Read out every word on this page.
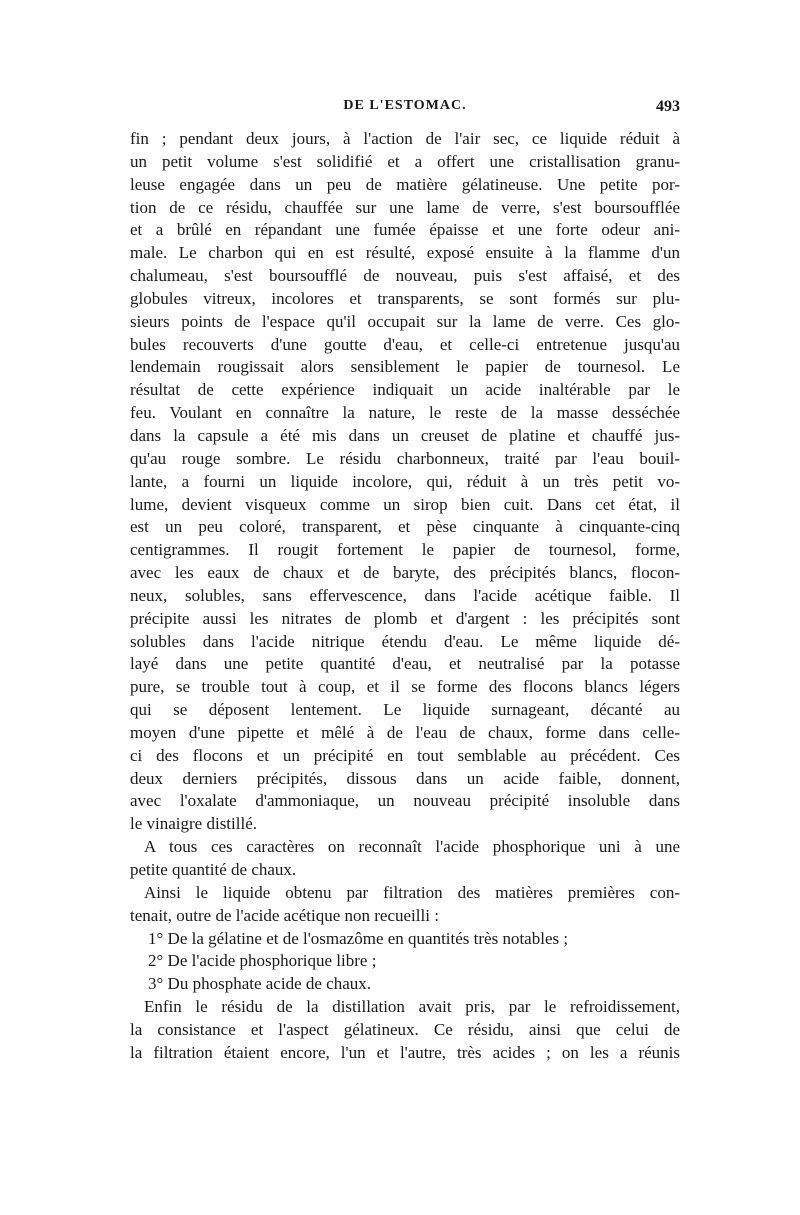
DE L'ESTOMAC.	493
fin ; pendant deux jours, à l'action de l'air sec, ce liquide réduit à
un petit volume s'est solidifié et a offert une cristallisation granu-
leuse engagée dans un peu de matière gélatineuse. Une petite por-
tion de ce résidu, chauffée sur une lame de verre, s'est boursoufflée
et a brûlé en répandant une fumée épaisse et une forte odeur ani-
male. Le charbon qui en est résulté, exposé ensuite à la flamme d'un
chalumeau, s'est boursoufflé de nouveau, puis s'est affaisé, et des
globules vitreux, incolores et transparents, se sont formés sur plu-
sieurs points de l'espace qu'il occupait sur la lame de verre. Ces glo-
bules recouverts d'une goutte d'eau, et celle-ci entretenue jusqu'au
lendemain rougissait alors sensiblement le papier de tournesol. Le
résultat de cette expérience indiquait un acide inaltérable par le
feu. Voulant en connaître la nature, le reste de la masse desséchée
dans la capsule a été mis dans un creuset de platine et chauffé jus-
qu'au rouge sombre. Le résidu charbonneux, traité par l'eau bouil-
lante, a fourni un liquide incolore, qui, réduit à un très petit vo-
lume, devient visqueux comme un sirop bien cuit. Dans cet état, il
est un peu coloré, transparent, et pèse cinquante à cinquante-cinq
centigrammes. Il rougit fortement le papier de tournesol, forme,
avec les eaux de chaux et de baryte, des précipités blancs, flocon-
neux, solubles, sans effervescence, dans l'acide acétique faible. Il
précipite aussi les nitrates de plomb et d'argent : les précipités sont
solubles dans l'acide nitrique étendu d'eau. Le même liquide dé-
layé dans une petite quantité d'eau, et neutralisé par la potasse
pure, se trouble tout à coup, et il se forme des flocons blancs légers
qui se déposent lentement. Le liquide surnageant, décanté au
moyen d'une pipette et mêlé à de l'eau de chaux, forme dans celle-
ci des flocons et un précipité en tout semblable au précédent. Ces
deux derniers précipités, dissous dans un acide faible, donnent,
avec l'oxalate d'ammoniaque, un nouveau précipité insoluble dans
le vinaigre distillé.
A tous ces caractères on reconnaît l'acide phosphorique uni à une
petite quantité de chaux.
Ainsi le liquide obtenu par filtration des matières premières con-
tenait, outre de l'acide acétique non recueilli :
1° De la gélatine et de l'osmazôme en quantités très notables ;
2° De l'acide phosphorique libre ;
3° Du phosphate acide de chaux.
Enfin le résidu de la distillation avait pris, par le refroidissement,
la consistance et l'aspect gélatineux. Ce résidu, ainsi que celui de
la filtration étaient encore, l'un et l'autre, très acides ; on les a réunis
